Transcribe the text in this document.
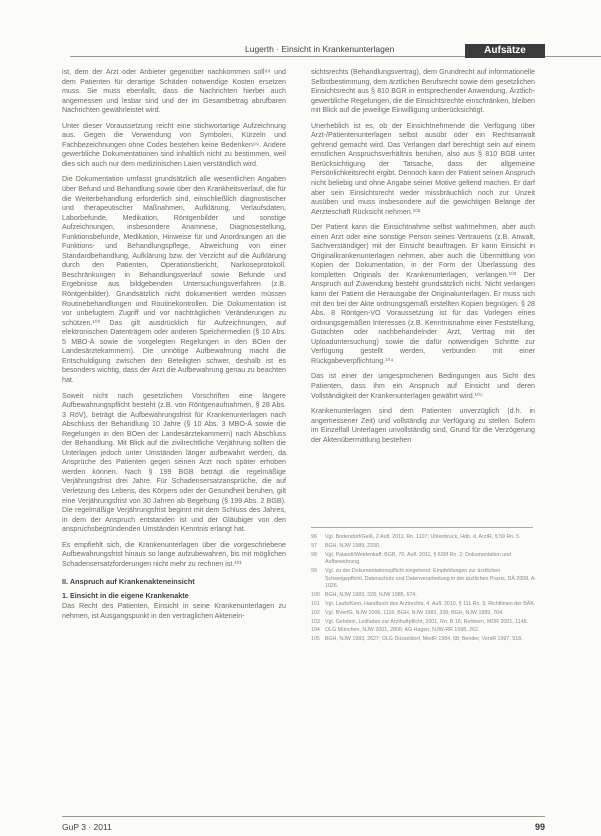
Lugerth · Einsicht in Krankenunterlagen	Aufsätze

ist, dem der Arzt oder Anbieter gegenüber nachkommen soll⁹⁸ und dem Patienten für derartige Schäden notwendige Kosten ersetzen muss. Sie muss ebenfalls, dass die Nachrichten hierbei auch angemessen und lesbar sind und der im Gesamtbetrag abrufbaren Nachrichten gewährleistet wird.

Unter dieser Voraussetzung reicht eine stichwortartige Aufzeichnung aus. Gegen die Verwendung von Symbolen, Kürzeln und Fachbezeichnungen ohne Codes bestehen keine Bedenken⁹⁹. Andere gewerbliche Dokumentationen sind inhaltlich nicht zu bestimmen, weil dies sich auch nur dem medizinischen Laien verständlich wird.

Die Dokumentation umfasst grundsätzlich alle wesentlichen Angaben über Befund und Behandlung sowie über den Krankheitsverlauf, die für die Weiterbehandlung erforderlich sind, einschließlich diagnostischer und therapeutischer Maßnahmen, Aufklärung, Verlaufsdaten, Laborbefunde, Medikation, Röntgenbilder und sonstige Aufzeichnungen, insbesondere Anamnese, Diagnosestellung, Funktionsbefunde, Medikation, Hinweise für und Anordnungen an die Funktions- und Behandlungspflege, Abweichung von einer Standardbehandlung, Aufklärung bzw. der Verzicht auf die Aufklärung durch den Patienten, Operationsbericht, Narkoseprotokoll. Beschränkungen in Behandlungsverlauf sowie Befunde und Ergebnisse aus bildgebenden Untersuchungsverfahren (z.B. Röntgenbilder). Grundsätzlich nicht dokumentiert werden müssen Routinebehandlungen und Routinekontrollen. Die Dokumentation ist vor unbefugtem Zugriff und vor nachträglichen Veränderungen zu schützen.¹⁰⁰ Das gilt ausdrücklich für Aufzeichnungen, auf elektronischen Datenträgern oder anderen Speichermedien (§ 10 Abs. 5 MBO-Ä sowie die vorgelegten Regelungen in den BOen der Landesärztekammern). Die unnötige Aufbewahrung macht die Entschuldigung zwischen den Beteiligten schwer, deshalb ist es besonders wichtig, dass der Arzt die Aufbewahrung genau zu beachten hat.

Soweit nicht nach gesetzlichen Vorschriften eine längere Aufbewahrungspflicht besteht (z.B. von Röntgenaufnahmen, § 28 Abs. 3 RöV), beträgt die Aufbewahrungsfrist für Krankenunterlagen nach Abschluss der Behandlung 10 Jahre (§ 10 Abs. 3 MBO-Ä sowie die Regelungen in den BOen der Landesärztekammern) nach Abschluss der Behandlung. Mit Blick auf die zivilrechtliche Verjährung sollten die Unterlagen jedoch unter Umständen länger aufbewahrt werden, da Ansprüche des Patienten gegen seinen Arzt noch später erhoben werden können. Nach § 199 BGB beträgt die regelmäßige Verjährungsfrist drei Jahre. Für Schadensersatzansprüche, die auf Verletzung des Lebens, des Körpers oder der Gesundheit beruhen, gilt eine Verjährungsfrist von 30 Jahren ab Begehung (§ 199 Abs. 2 BGB). Die regelmäßige Verjährungsfrist beginnt mit dem Schluss des Jahres, in dem der Anspruch entstanden ist und der Gläubiger von den anspruchsbegründenden Umständen Kenntnis erlangt hat.

Es empfiehlt sich, die Krankenunterlagen über die vorgeschriebene Aufbewahrungsfrist hinaus so lange aufzubewahren, bis mit möglichen Schadensersatzforderungen nicht mehr zu rechnen ist.¹⁰¹

II. Anspruch auf Krankenakteneinsicht
1. Einsicht in die eigene Krankenakte

Das Recht des Patienten, Einsicht in seine Krankenunterlagen zu nehmen, ist Ausgangspunkt in den vertraglichen Aktenein-

sichtsrechts (Behandlungsvertrag), dem Grundrecht auf informationelle Selbstbestimmung, dem ärztlichen Berufsrecht sowie dem gesetzlichen Einsichtsrecht aus § 810 BGR in entsprechender Anwendung. Ärztlich-gewerbliche Regelungen, die die Einsichtsrechte einschränken, bleiben mit Blick auf die jeweilige Einwilligung unberücksichtigt.

Unerheblich ist es, ob der Einsichtnehmende die Verfügung über Arzt-/Patientenunterlagen selbst ausübt oder ein Rechtsanwalt gehrend gemacht wird. Das Verlangen darf berechtigt sein auf einem ernstlichen Anspruchsverhältnis beruhen, also aus § 810 BGB unter Berücksichtigung der Tatsache, dass der allgemeine Persönlichkeitsrecht ergibt. Dennoch kann der Patient seinen Anspruch nicht beliebig und ohne Angabe seiner Motive geltend machen. Er darf aber sein Einsichtsrecht weder missbräuchlich noch zur Unzeit ausüben und muss insbesondere auf die gewichtigen Belange der Aerzteschaft Rücksicht nehmen.¹⁰²

Der Patient kann die Einsichtnahme selbst wahrnehmen, aber auch einen Arzt oder eine sonstige Person seines Vertrauens (z.B. Anwalt, Sachverständiger) mit der Einsicht beauftragen. Er kann Einsicht in Originalkrankenunterlagen nehmen, aber auch die Übermittlung von Kopien der Dokumentation, in der Form der Überlassung des kompletten Originals der Krankenunterlagen, verlangen.¹⁰³ Der Anspruch auf Zuwendung besteht grundsätzlich nicht. Nicht verlangen kann der Patient die Herausgabe der Originalunterlagen. Er muss sich mit den bei der Akte ordnungsgemäß erstellten Kopien begnügen. § 28 Abs. 8 Röntgen-VO Voraussetzung ist für das Vorlegen eines ordnungsgemäßen Interesses (z.B. Kenntnisnahme einer Feststellung, Gutachten oder nachbehandelnder Arzt, Vertrag mit der Uploaduntersuchung) sowie die dafür notwendigen Schritte zur Verfügung gestellt werden, verbunden mit einer Rückgabeverpflichtung.¹⁰⁴

Das ist einer der umgesprochenen Bedingungen aus Sicht des Patienten, dass ihm ein Anspruch auf Einsicht und deren Vollständigkeit der Krankenunterlagen gewährt wird.¹⁰⁵

Krankenunterlagen sind dem Patienten unverzüglich (d.h. in angemessener Zeit) und vollständig zur Verfügung zu stellen. Sofern im Einzelfall Unterlagen unvollständig sind, Grund für die Verzögerung der Aktenübermittlung bestehen

96	Vgl. Bodendorf/Geiß, 2 Aufl. 2011, Rn. 1107; Uhlenbruck, Hdb. d. ArztR, § 59 Rn. 5.
97	BGH, NJW 1989, 2330.
98	Vgl. Palandt/Weidenkaff, BGB, 70. Aufl. 2011, § 630f Rn. 2; Dokumentation und Aufbewahrung.
99	Vgl. zu der Dokumentationspflicht eingehend: Empfehlungen zur ärztlichen Schweigepflicht, Datenschutz und Datenverarbeitung in der ärztlichen Praxis, DÄ 2008, A-1026.
100 BGH, NJW 1983, 328; NJW 1985, 674.
101 Vgl. Laufs/Kern, Handbuch des Arztrechts, 4. Aufl. 2010, § 111 Rn. 5; Richtlinien der BÄK.
102 Vgl. BVerfG, NJW 2006, 1116; BGH, NJW 1983, 328; BGH, NJW 1989, 764.
103 Vgl. Gehrlein, Leitfaden zur Arzthaftpflicht, 2001, Rn. B 16; Rehborn, MDR 2001, 1148.
104 OLG München, NJW 2001, 2806; AG Hagen, NJW-RR 1998, 262.
105 BGH, NJW 1983, 2627; OLG Düsseldorf, MedR 1984, 68; Bender, VersR 1997, 918.
GuP 3 · 2011	99
